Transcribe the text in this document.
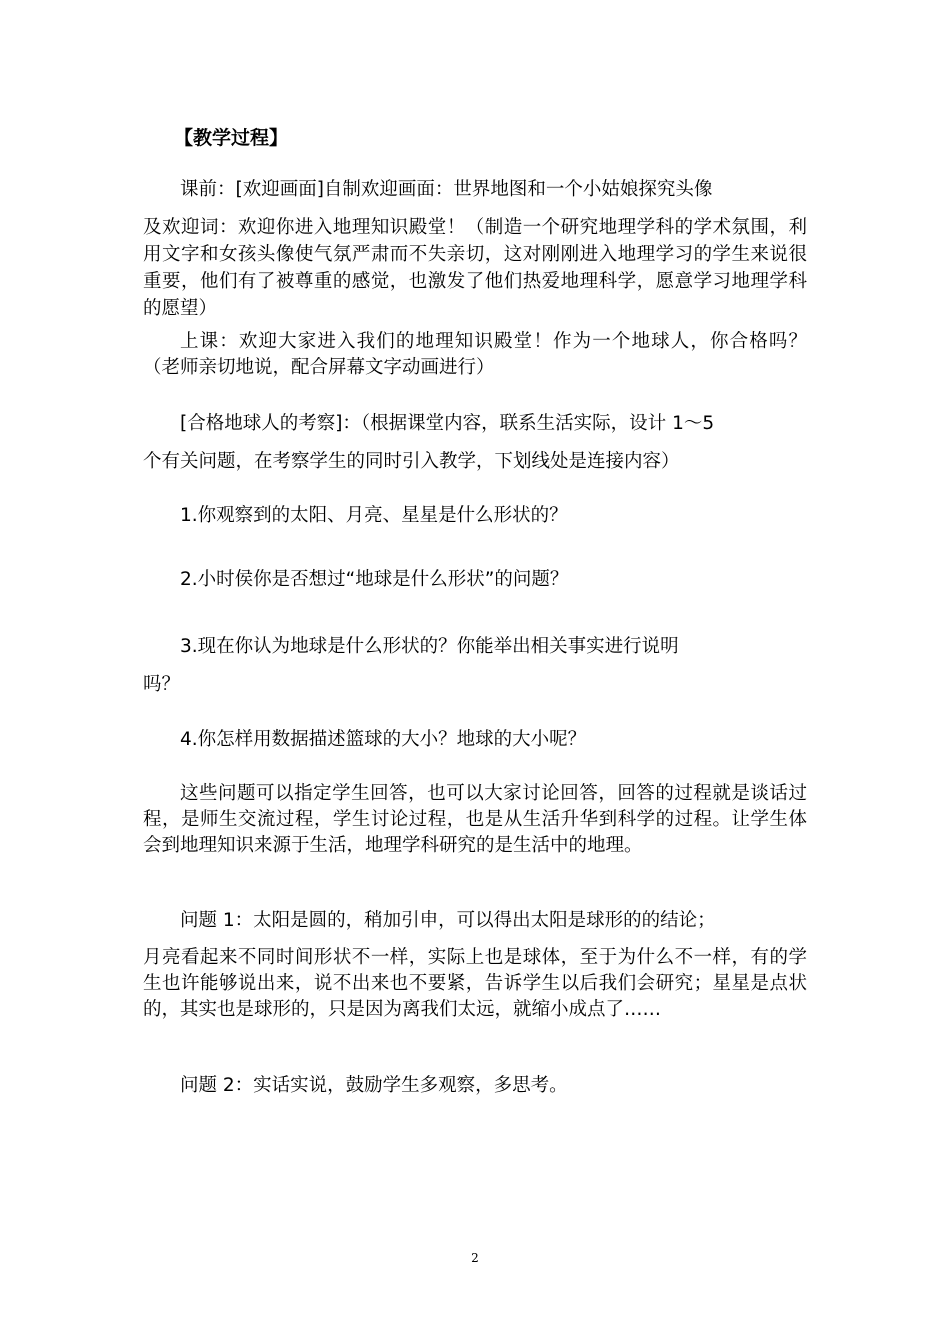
【教学过程】
课前：[欢迎画面]自制欢迎画面：世界地图和一个小姑娘探究头像
及欢迎词：欢迎你进入地理知识殿堂！（制造一个研究地理学科的学术氛围，利用文字和女孩头像使气氛严肃而不失亲切，这对刚刚进入地理学习的学生来说很重要，他们有了被尊重的感觉，也激发了他们热爱地理科学，愿意学习地理学科的愿望）
上课：欢迎大家进入我们的地理知识殿堂！作为一个地球人，你合格吗？（老师亲切地说，配合屏幕文字动画进行）
[合格地球人的考察]：（根据课堂内容，联系生活实际，设计 1～5
个有关问题，在考察学生的同时引入教学，下划线处是连接内容）
1.你观察到的太阳、月亮、星星是什么形状的？
2.小时侯你是否想过“地球是什么形状”的问题？
3.现在你认为地球是什么形状的？你能举出相关事实进行说明
吗？
4.你怎样用数据描述篮球的大小？地球的大小呢？
这些问题可以指定学生回答，也可以大家讨论回答，回答的过程就是谈话过程，是师生交流过程，学生讨论过程，也是从生活升华到科学的过程。让学生体会到地理知识来源于生活，地理学科研究的是生活中的地理。
问题 1：太阳是圆的，稍加引申，可以得出太阳是球形的的结论；
月亮看起来不同时间形状不一样，实际上也是球体，至于为什么不一样，有的学生也许能够说出来，说不出来也不要紧，告诉学生以后我们会研究；星星是点状的，其实也是球形的，只是因为离我们太远，就缩小成点了……
问题 2：实话实说，鼓励学生多观察，多思考。
2
